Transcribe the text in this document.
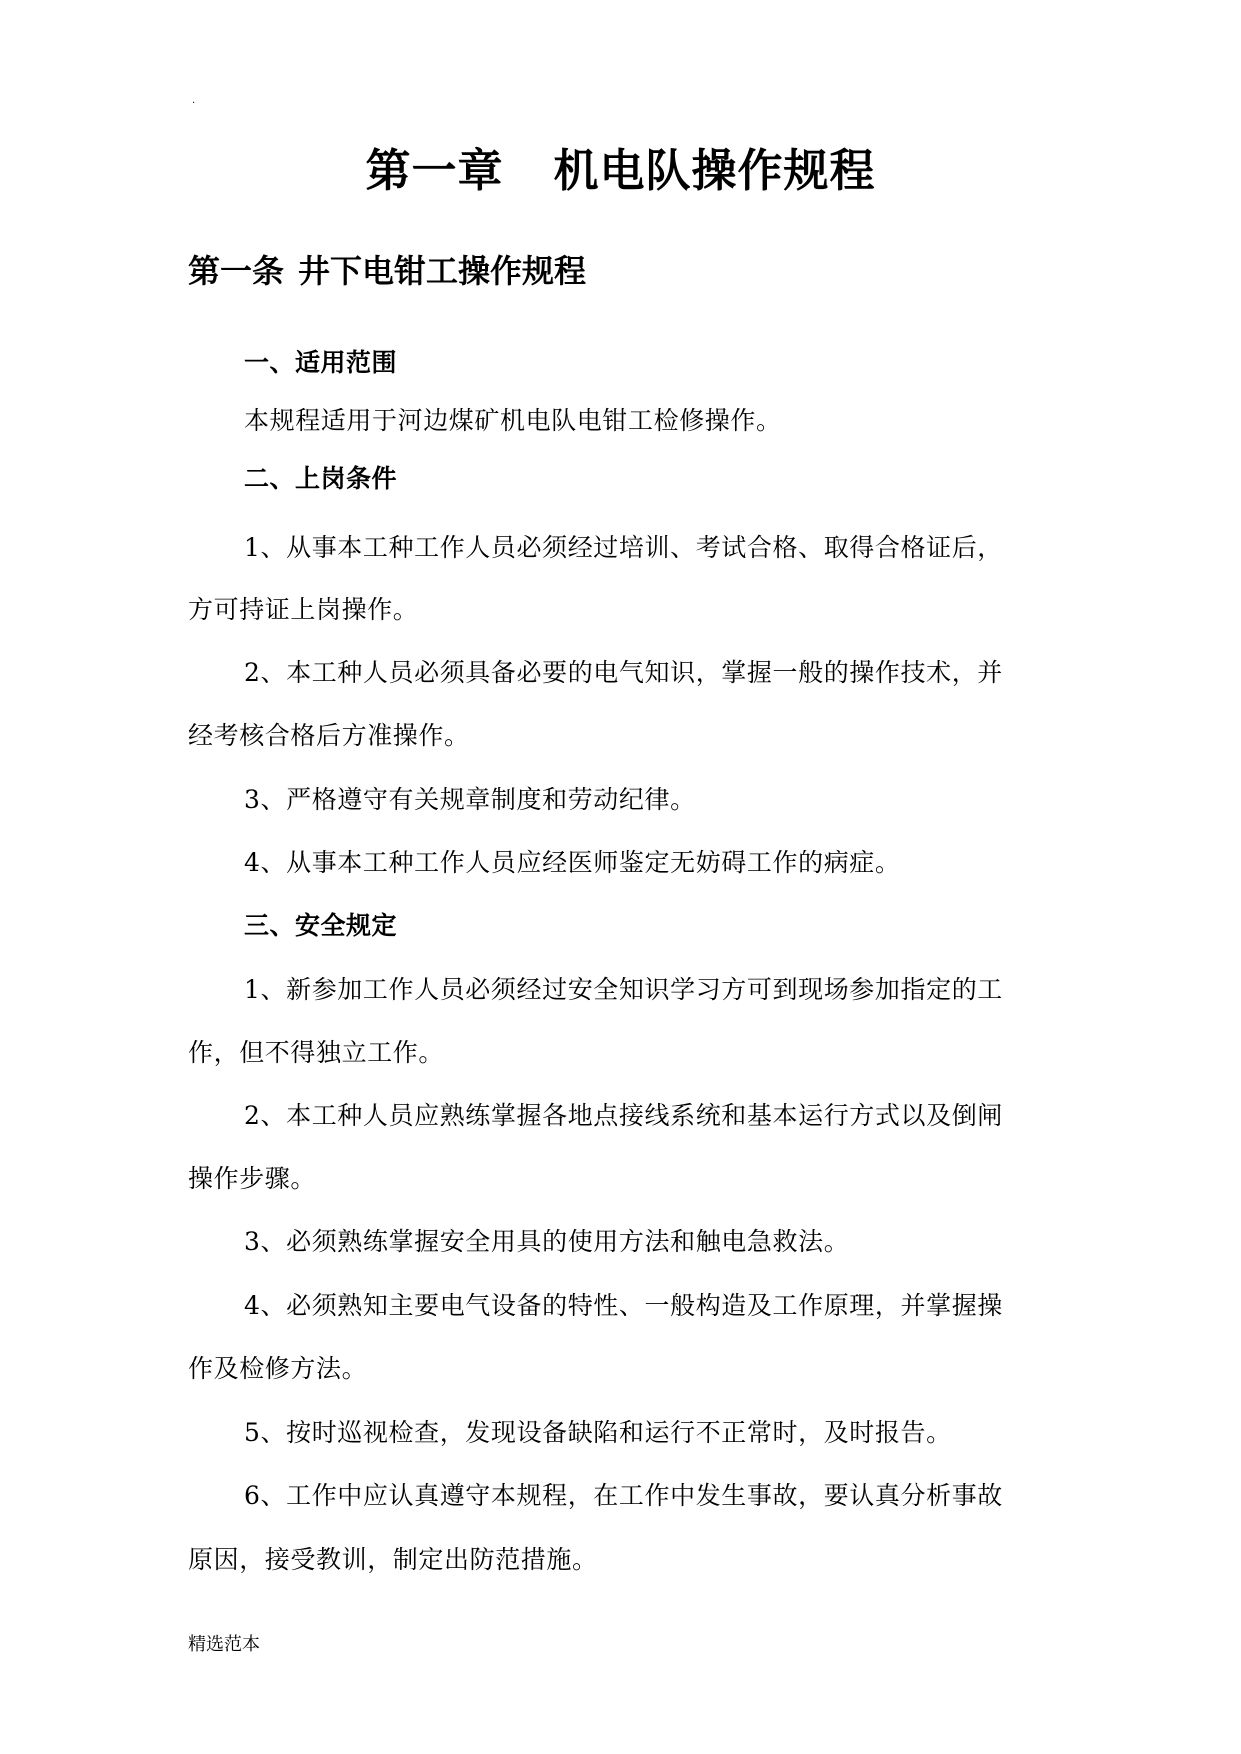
.
第一章 机电队操作规程
第一条 井下电钳工操作规程
一、适用范围
本规程适用于河边煤矿机电队电钳工检修操作。
二、上岗条件
1、从事本工种工作人员必须经过培训、考试合格、取得合格证后，
方可持证上岗操作。
2、本工种人员必须具备必要的电气知识，掌握一般的操作技术，并
经考核合格后方准操作。
3、严格遵守有关规章制度和劳动纪律。
4、从事本工种工作人员应经医师鉴定无妨碍工作的病症。
三、安全规定
1、新参加工作人员必须经过安全知识学习方可到现场参加指定的工
作，但不得独立工作。
2、本工种人员应熟练掌握各地点接线系统和基本运行方式以及倒闸
操作步骤。
3、必须熟练掌握安全用具的使用方法和触电急救法。
4、必须熟知主要电气设备的特性、一般构造及工作原理，并掌握操
作及检修方法。
5、按时巡视检查，发现设备缺陷和运行不正常时，及时报告。
6、工作中应认真遵守本规程，在工作中发生事故，要认真分析事故
原因，接受教训，制定出防范措施。
精选范本
